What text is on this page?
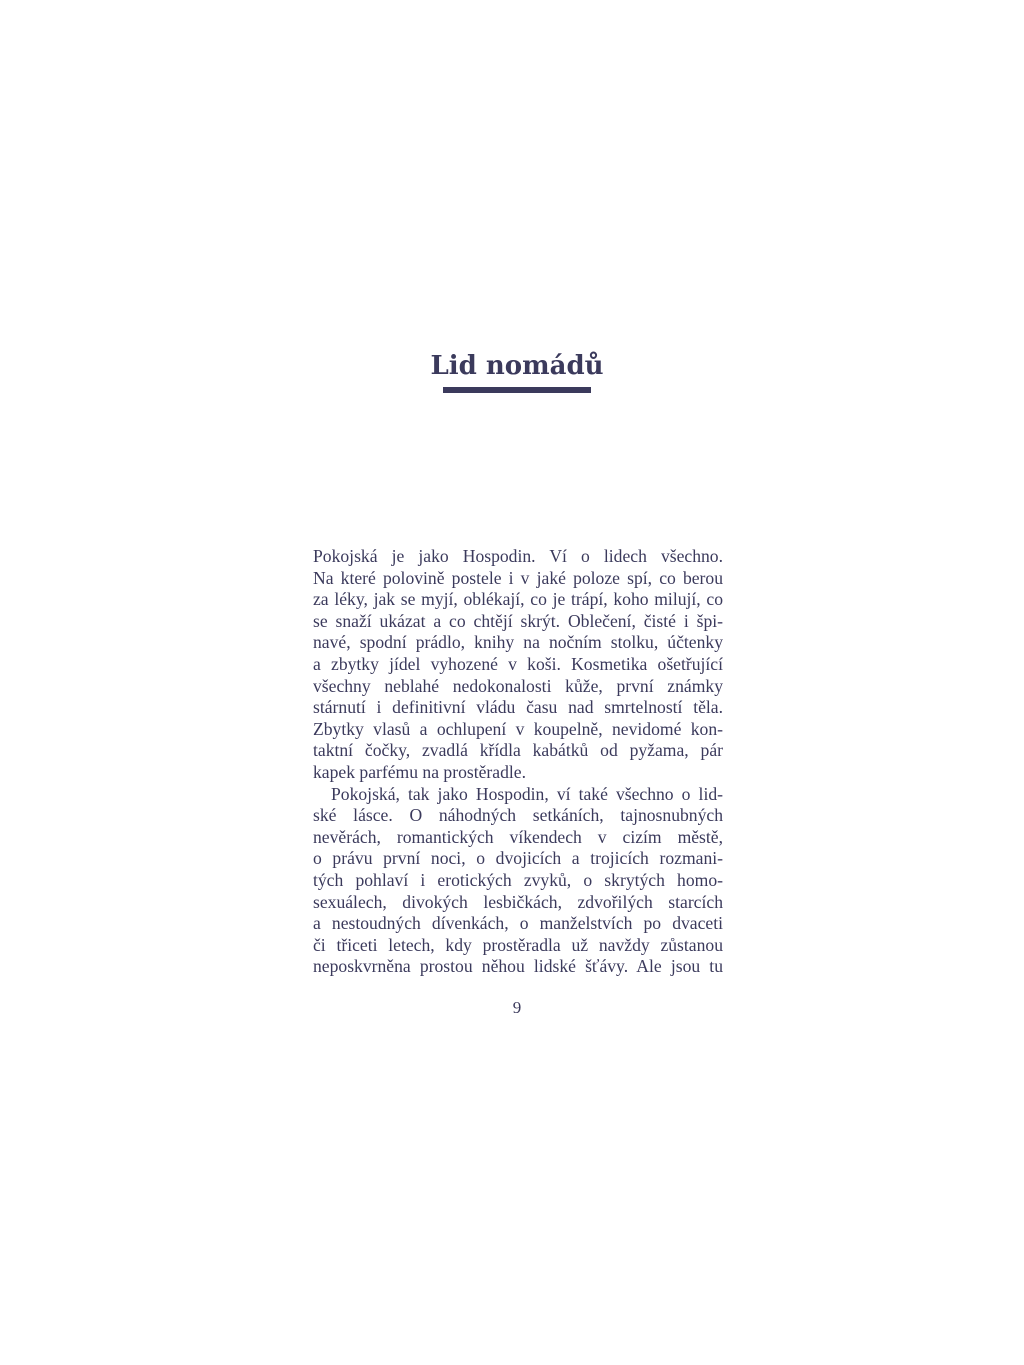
Lid nomádů
Pokojská je jako Hospodin. Ví o lidech všechno.
Na které polovině postele i v jaké poloze spí, co berou
za léky, jak se myjí, oblékají, co je trápí, koho milují, co
se snaží ukázat a co chtějí skrýt. Oblečení, čisté i špi-
navé, spodní prádlo, knihy na nočním stolku, účtenky
a zbytky jídel vyhozené v koši. Kosmetika ošetřující
všechny neblahé nedokonalosti kůže, první známky
stárnutí i definitivní vládu času nad smrtelností těla.
Zbytky vlasů a ochlupení v koupelně, nevidomé kon-
taktní čočky, zvadlá křídla kabátků od pyžama, pár
kapek parfému na prostěradle.
Pokojská, tak jako Hospodin, ví také všechno o lid-
ské lásce. O náhodných setkáních, tajnosnubných
nevěrách, romantických víkendech v cizím městě,
o právu první noci, o dvojicích a trojicích rozmani-
tých pohlaví i erotických zvyků, o skrytých homo-
sexuálech, divokých lesbičkách, zdvořilých starcích
a nestoudných dívenkách, o manželstvích po dvaceti
či třiceti letech, kdy prostěradla už navždy zůstanou
neposkvrněna prostou něhou lidské šťávy. Ale jsou tu
9
